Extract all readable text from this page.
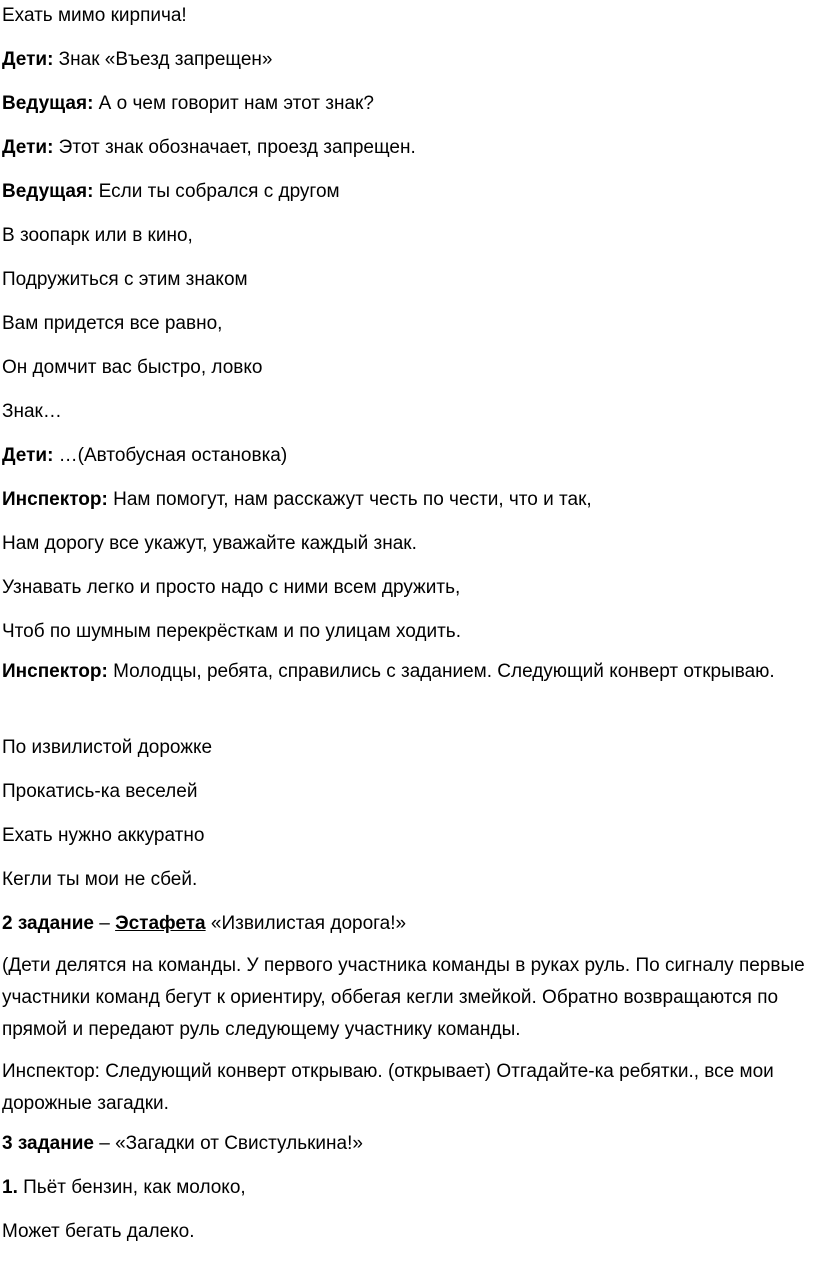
Ехать мимо кирпича!

Дети: Знак «Въезд запрещен»

Ведущая: А о чем говорит нам этот знак?

Дети: Этот знак обозначает, проезд запрещен.

Ведущая: Если ты собрался с другом

В зоопарк или в кино,

Подружиться с этим знаком

Вам придется все равно,

Он домчит вас быстро, ловко

Знак…

Дети: …(Автобусная остановка)

Инспектор: Нам помогут, нам расскажут честь по чести, что и так,

Нам дорогу все укажут, уважайте каждый знак.

Узнавать легко и просто надо с ними всем дружить,

Чтоб по шумным перекрёсткам и по улицам ходить.

Инспектор: Молодцы, ребята, справились с заданием. Следующий конверт открываю.

По извилистой дорожке

Прокатись-ка веселей

Ехать нужно аккуратно

Кегли ты мои не сбей.

2 задание – Эстафета «Извилистая дорога!»

(Дети делятся на команды. У первого участника команды в руках руль. По сигналу первые участники команд бегут к ориентиру, оббегая кегли змейкой. Обратно возвращаются по прямой и передают руль следующему участнику команды.

Инспектор: Следующий конверт открываю. (открывает) Отгадайте-ка ребятки., все мои дорожные загадки.

3 задание – «Загадки от Свистулькина!»

1. Пьёт бензин, как молоко,

Может бегать далеко.
